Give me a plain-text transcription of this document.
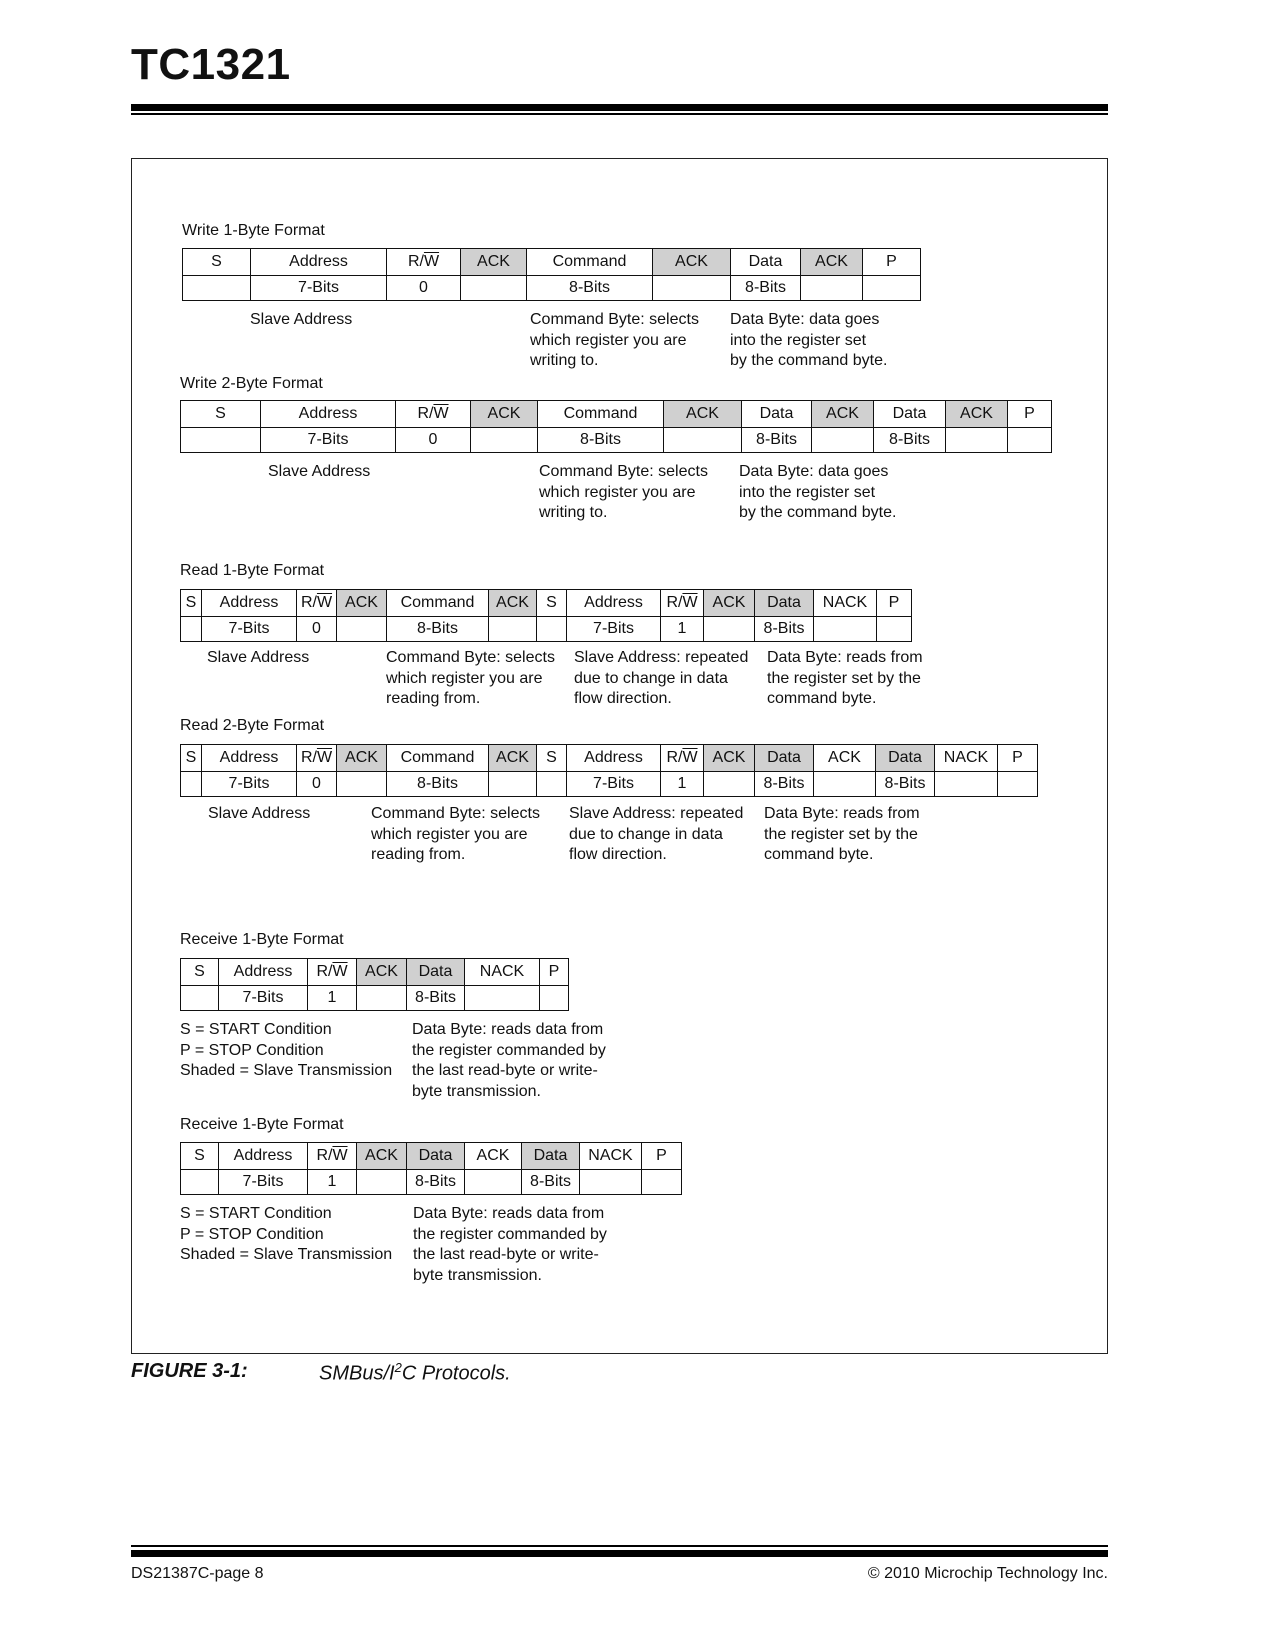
TC1321
FIGURE 3-1:	SMBus/$I^2C$ Protocols.
DS21387C-page 8	© 2010 Microchip Technology Inc.
Write 1-Byte Format
S	Address	$R/\overline{W}$	ACK	Command	ACK	Data	ACK	P
	7-Bits	0		8-Bits		8-Bits		
Slave Address	Command Byte: selects
which register you are
writing to.
Data Byte: data goes
into the register set
by the command byte.
Write 2-Byte Format
S	Address	$R/\overline{W}$	ACK	Command	ACK	Data	ACK	Data	ACK	P
	7-Bits	0		8-Bits		8-Bits		8-Bits		
Slave Address	Command Byte: selects
which register you are
writing to.
Data Byte: data goes
into the register set
by the command byte.
Read 1-Byte Format
S	Address	$R/\overline{W}$	ACK	Command	ACK	S	Address	$R/\overline{W}$	ACK	Data	NACK	P
	7-Bits	0		8-Bits			7-Bits	1		8-Bits		
Slave Address	Command Byte: selects
which register you are
reading from.
Slave Address: repeated
due to change in data
flow direction.
Data Byte: reads from
the register set by the
command byte.
Read 2-Byte Format
S	Address	$R/\overline{W}$	ACK	Command	ACK	S	Address	$R/\overline{W}$	ACK	Data	ACK	Data	NACK	P
	7-Bits	0		8-Bits			7-Bits	1		8-Bits		8-Bits		
Slave Address	Command Byte: selects
which register you are
reading from.
Slave Address: repeated
due to change in data
flow direction.
Data Byte: reads from
the register set by the
command byte.
Receive 1-Byte Format
S	Address	$R/\overline{W}$	ACK	Data	NACK	P
	7-Bits	1		8-Bits		
S = START Condition
P = STOP Condition
Shaded = Slave Transmission
Data Byte: reads data from
the register commanded by
the last read-byte or write-
byte transmission.
Receive 1-Byte Format
S	Address	$R/\overline{W}$	ACK	Data	ACK	Data	NACK	P
	7-Bits	1		8-Bits		8-Bits		
S = START Condition
P = STOP Condition
Shaded = Slave Transmission
Data Byte: reads data from
the register commanded by
the last read-byte or write-
byte transmission.
